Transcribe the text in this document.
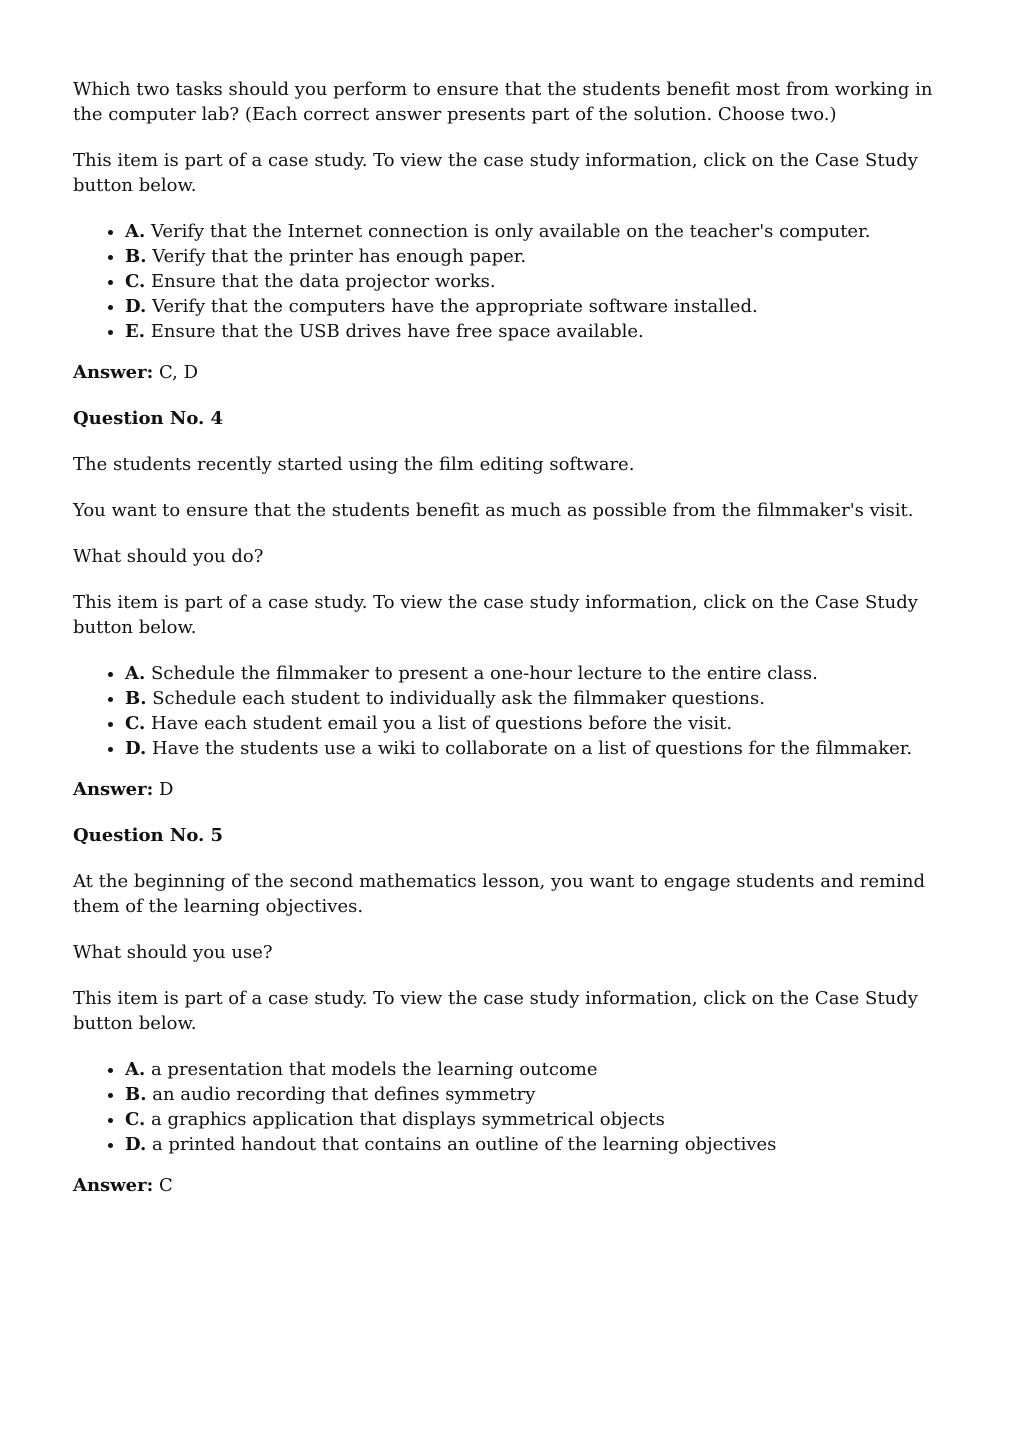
Which two tasks should you perform to ensure that the students benefit most from working in the computer lab? (Each correct answer presents part of the solution. Choose two.)

This item is part of a case study. To view the case study information, click on the Case Study button below.

• A. Verify that the Internet connection is only available on the teacher's computer.
• B. Verify that the printer has enough paper.
• C. Ensure that the data projector works.
• D. Verify that the computers have the appropriate software installed.
• E. Ensure that the USB drives have free space available.

Answer: C, D

Question No. 4

The students recently started using the film editing software.

You want to ensure that the students benefit as much as possible from the filmmaker's visit.

What should you do?

This item is part of a case study. To view the case study information, click on the Case Study button below.

• A. Schedule the filmmaker to present a one-hour lecture to the entire class.
• B. Schedule each student to individually ask the filmmaker questions.
• C. Have each student email you a list of questions before the visit.
• D. Have the students use a wiki to collaborate on a list of questions for the filmmaker.

Answer: D

Question No. 5

At the beginning of the second mathematics lesson, you want to engage students and remind them of the learning objectives.

What should you use?

This item is part of a case study. To view the case study information, click on the Case Study button below.

• A. a presentation that models the learning outcome
• B. an audio recording that defines symmetry
• C. a graphics application that displays symmetrical objects
• D. a printed handout that contains an outline of the learning objectives

Answer: C
